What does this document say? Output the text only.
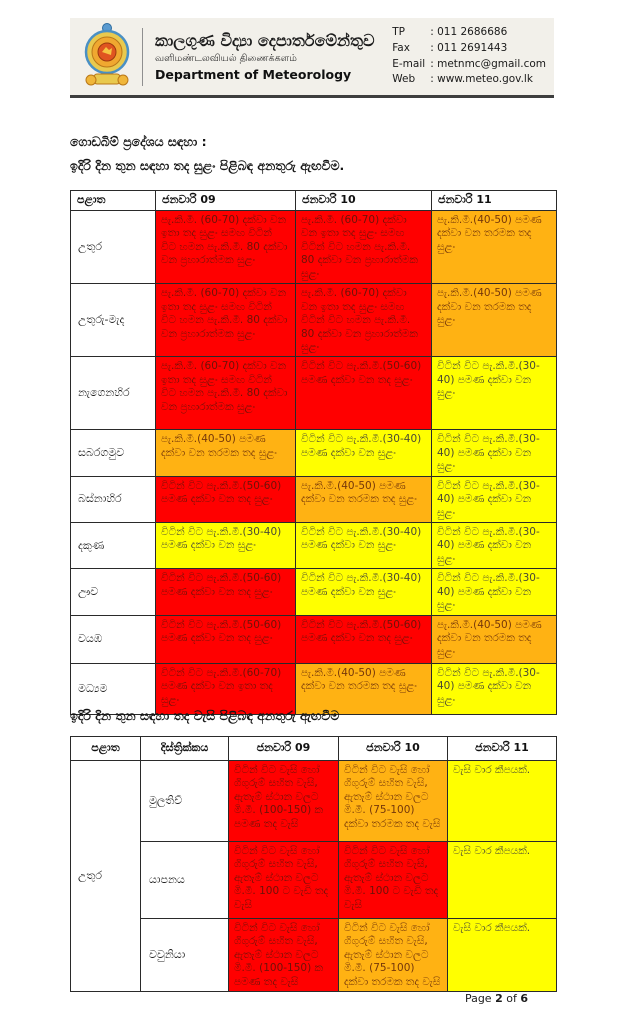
කාලගුණ විද්‍යා දෙපාර්තමේන්තුව
வளிமண்டலவியல் திணைக்களம்
Department of Meteorology
TP	: 011 2686686
Fax	: 011 2691443
E-mail : metnmc@gmail.com
Web	: www.meteo.gov.lk
ගොඩබිම් ප්‍රදේශය සඳහා :
ඉදිරි දින තුන සඳහා තද සුළං පිළිබඳ අනතුරු ඇඟවීම.
පළාත	ජනවාරි 09	ජනවාරි 10	ජනවාරි 11
උතුර	පැ.කි.මී. (60-70) දක්වා වන ඉතා තද සුළං සමඟ විටින් විට හමන පැ.කි.මී. 80 දක්වා වන ප්‍රහාරාත්මක සුළං	පැ.කි.මී. (60-70) දක්වා වන ඉතා තද සුළං සමඟ විටින් විට හමන පැ.කි.මී. 80 දක්වා වන ප්‍රහාරාත්මක සුළං	පැ.කි.මී.(40-50) පමණ දක්වා වන තරමක තද සුළං
උතුරු-මැද	පැ.කි.මී. (60-70) දක්වා වන ඉතා තද සුළං සමඟ විටින් විට හමන පැ.කි.මී. 80 දක්වා වන ප්‍රහාරාත්මක සුළං	පැ.කි.මී. (60-70) දක්වා වන ඉතා තද සුළං සමඟ විටින් විට හමන පැ.කි.මී. 80 දක්වා වන ප්‍රහාරාත්මක සුළං	පැ.කි.මී.(40-50) පමණ දක්වා වන තරමක තද සුළං
නැගෙනහිර	පැ.කි.මී. (60-70) දක්වා වන ඉතා තද සුළං සමඟ විටින් විට හමන පැ.කි.මී. 80 දක්වා වන ප්‍රහාරාත්මක සුළං	විටින් විට පැ.කි.මී.(50-60) පමණ දක්වා වන තද සුළං	විටින් විට පැ.කි.මී.(30-40) පමණ දක්වා වන සුළං
සබරගමුව	පැ.කි.මී.(40-50) පමණ දක්වා වන තරමක තද සුළං	විටින් විට පැ.කි.මී.(30-40) පමණ දක්වා වන සුළං	විටින් විට පැ.කි.මී.(30-40) පමණ දක්වා වන සුළං
බස්නාහිර	විටින් විට පැ.කි.මී.(50-60) පමණ දක්වා වන තද සුළං	පැ.කි.මී.(40-50) පමණ දක්වා වන තරමක තද සුළං	විටින් විට පැ.කි.මී.(30-40) පමණ දක්වා වන සුළං
දකුණ	විටින් විට පැ.කි.මී.(30-40) පමණ දක්වා වන සුළං	විටින් විට පැ.කි.මී.(30-40) පමණ දක්වා වන සුළං	විටින් විට පැ.කි.මී.(30-40) පමණ දක්වා වන සුළං
ඌව	විටින් විට පැ.කි.මී.(50-60) පමණ දක්වා වන තද සුළං	විටින් විට පැ.කි.මී.(30-40) පමණ දක්වා වන සුළං	විටින් විට පැ.කි.මී.(30-40) පමණ දක්වා වන සුළං
වයඹ	විටින් විට පැ.කි.මී.(50-60) පමණ දක්වා වන තද සුළං	විටින් විට පැ.කි.මී.(50-60) පමණ දක්වා වන තද සුළං	පැ.කි.මී.(40-50) පමණ දක්වා වන තරමක තද සුළං
මධ්‍යම	විටින් විට පැ.කි.මී.(60-70) පමණ දක්වා වන ඉතා තද සුළං	පැ.කි.මී.(40-50) පමණ දක්වා වන තරමක තද සුළං	විටින් විට පැ.කි.මී.(30-40) පමණ දක්වා වන සුළං
ඉදිරි දින තුන සඳහා තද වැසි පිළිබඳ අනතුරු ඇඟවීම
පළාත	දිස්ත්‍රික්කය	ජනවාරි 09	ජනවාරි 10	ජනවාරි 11
උතුර	මුලතිව්	විටින් විට වැසි හෝ ගිගුරුම් සහිත වැසි, ඇතැම් ස්ථාන වලට මි.මී. (100-150) ක පමණ තද වැසි	විටින් විට වැසි හෝ ගිගුරුම් සහිත වැසි, ඇතැම් ස්ථාන වලට මි.මී. (75-100) දක්වා තරමක තද වැසි	වැසි වාර කීපයක්.
	යාපනය	විටින් විට වැසි හෝ ගිගුරුම් සහිත වැසි, ඇතැම් ස්ථාන වලට මි.මී. 100 ට වැඩි තද වැසි	විටින් විට වැසි හෝ ගිගුරුම් සහිත වැසි, ඇතැම් ස්ථාන වලට මි.මී. 100 ට වැඩි තද වැසි	වැසි වාර කීපයක්.
	වවුනියා	විටින් විට වැසි හෝ ගිගුරුම් සහිත වැසි, ඇතැම් ස්ථාන වලට මි.මී. (100-150) ක පමණ තද වැසි	විටින් විට වැසි හෝ ගිගුරුම් සහිත වැසි, ඇතැම් ස්ථාන වලට මි.මී. (75-100) දක්වා තරමක තද වැසි	වැසි වාර කීපයක්.
Page 2 of 6
